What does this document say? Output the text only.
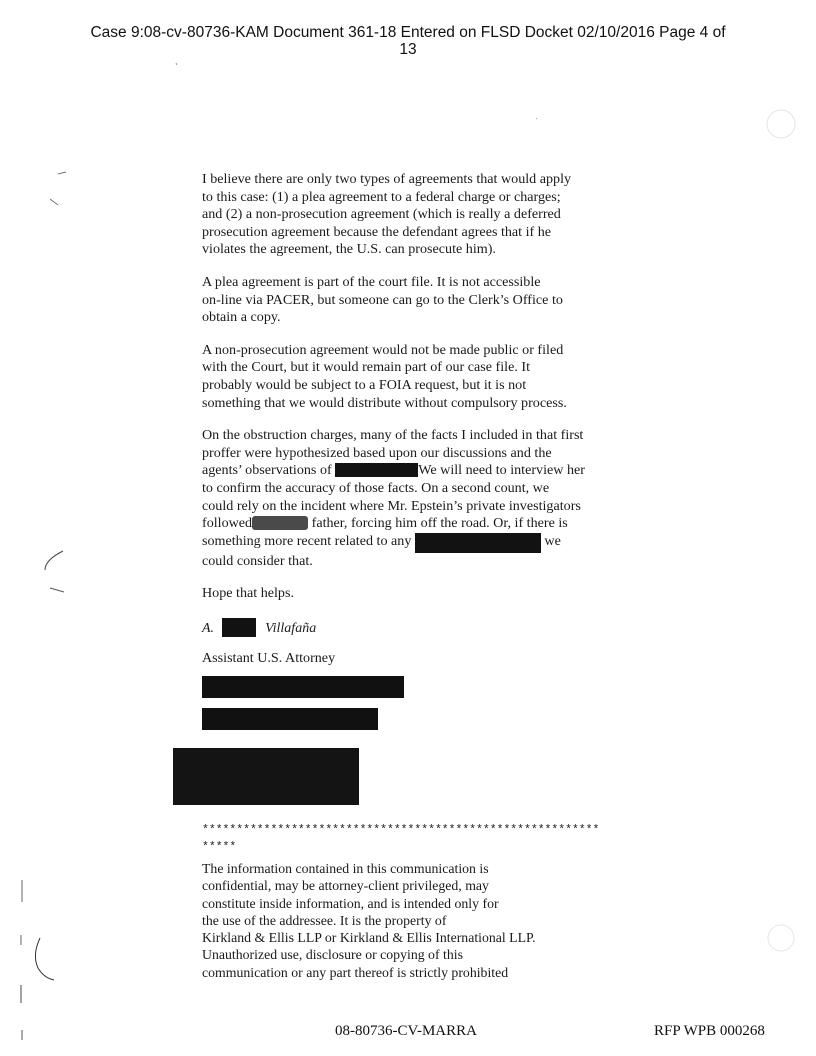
Case 9:08-cv-80736-KAM Document 361-18 Entered on FLSD Docket 02/10/2016 Page 4 of
13

I believe there are only two types of agreements that would apply
to this case: (1) a plea agreement to a federal charge or charges;
and (2) a non-prosecution agreement (which is really a deferred
prosecution agreement because the defendant agrees that if he
violates the agreement, the U.S. can prosecute him).

A plea agreement is part of the court file. It is not accessible
on-line via PACER, but someone can go to the Clerk’s Office to
obtain a copy.

A non-prosecution agreement would not be made public or filed
with the Court, but it would remain part of our case file. It
probably would be subject to a FOIA request, but it is not
something that we would distribute without compulsory process.

On the obstruction charges, many of the facts I included in that first
proffer were hypothesized based upon our discussions and the
agents’ observations of	We will need to interview her
to confirm the accuracy of those facts. On a second count, we
could rely on the incident where Mr. Epstein’s private investigators
followed	father, forcing him off the road. Or, if there is
something more recent related to any	we
could consider that.

Hope that helps.

A.	Villafaña

Assistant U.S. Attorney

**********************************************************
*****
The information contained in this communication is
confidential, may be attorney-client privileged, may
constitute inside information, and is intended only for
the use of the addressee. It is the property of
Kirkland & Ellis LLP or Kirkland & Ellis International LLP.
Unauthorized use, disclosure or copying of this
communication or any part thereof is strictly prohibited
08-80736-CV-MARRA	RFP WPB 000268
